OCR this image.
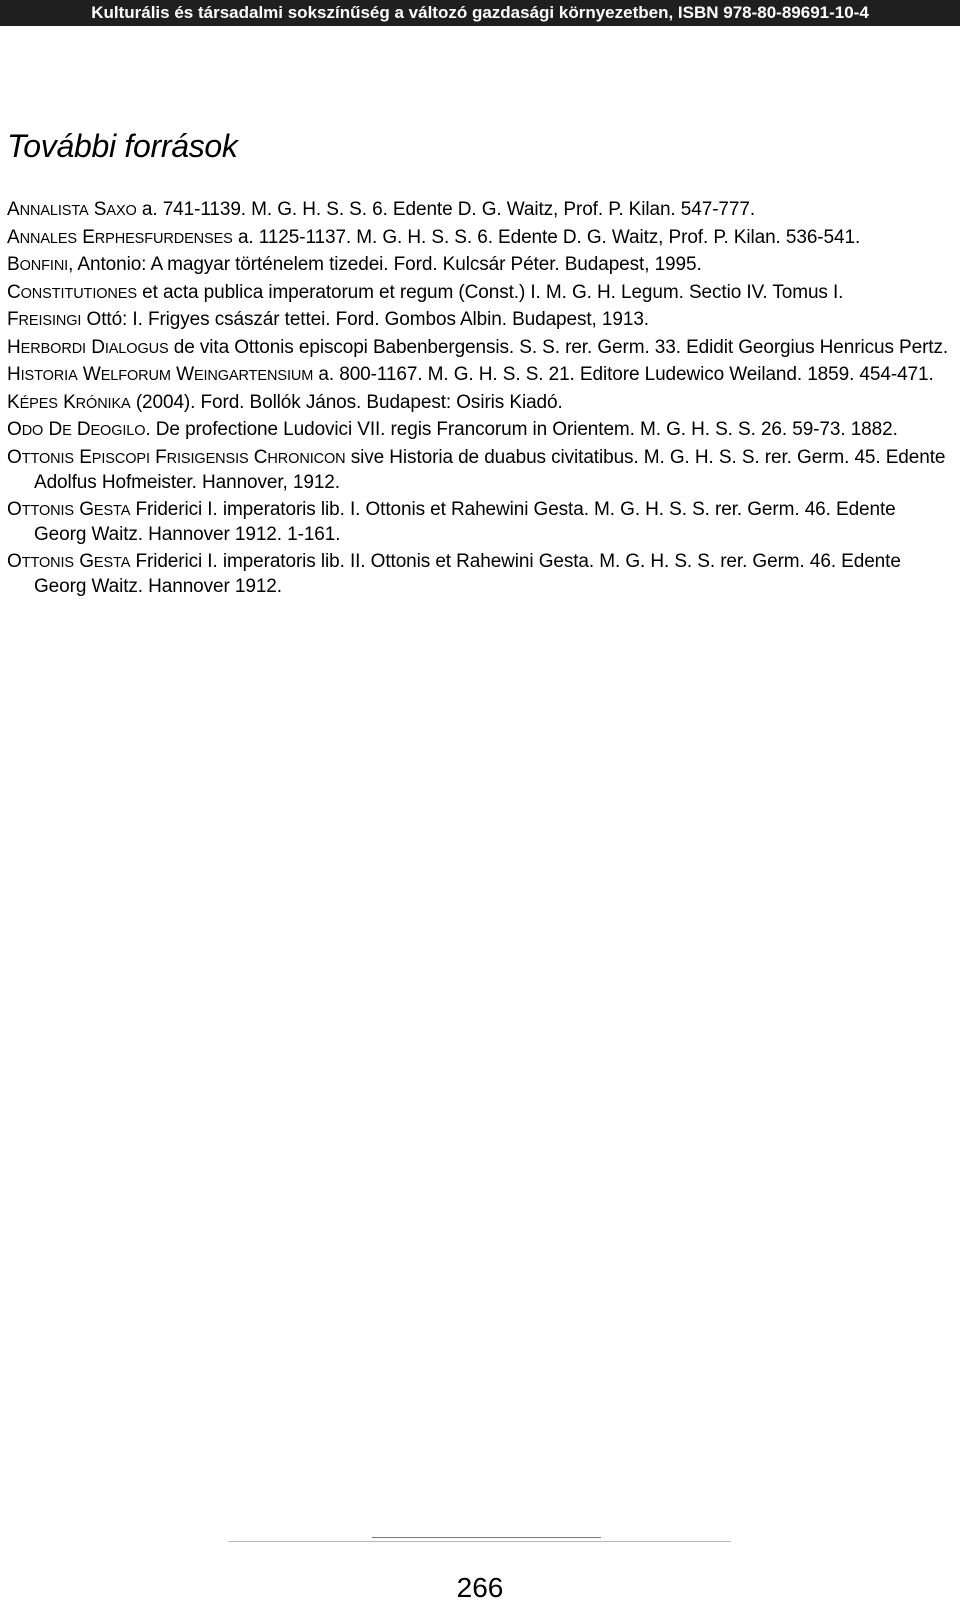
Kulturális és társadalmi sokszínűség a változó gazdasági környezetben, ISBN 978-80-89691-10-4
További források
ANNALISTA SAXO a. 741-1139. M. G. H. S. S. 6. Edente D. G. Waitz, Prof. P. Kilan. 547-777.
ANNALES ERPHESFURDENSES a. 1125-1137. M. G. H. S. S. 6. Edente D. G. Waitz, Prof. P. Kilan. 536-541.
BONFINI, Antonio: A magyar történelem tizedei. Ford. Kulcsár Péter. Budapest, 1995.
CONSTITUTIONES et acta publica imperatorum et regum (Const.) I. M. G. H. Legum. Sectio IV. Tomus I.
FREISINGI Ottó: I. Frigyes császár tettei. Ford. Gombos Albin. Budapest, 1913.
HERBORDI DIALOGUS de vita Ottonis episcopi Babenbergensis. S. S. rer. Germ. 33. Edidit Georgius Henricus Pertz.
HISTORIA WELFORUM WEINGARTENSIUM a. 800-1167. M. G. H. S. S. 21. Editore Ludewico Weiland. 1859. 454-471.
KÉPES KRÓNIKA (2004). Ford. Bollók János. Budapest: Osiris Kiadó.
ODO DE DEOGILO. De profectione Ludovici VII. regis Francorum in Orientem. M. G. H. S. S. 26. 59-73. 1882.
OTTONIS EPISCOPI FRISIGENSIS CHRONICON sive Historia de duabus civitatibus. M. G. H. S. S. rer. Germ. 45. Edente Adolfus Hofmeister. Hannover, 1912.
OTTONIS GESTA Friderici I. imperatoris lib. I. Ottonis et Rahewini Gesta. M. G. H. S. S. rer. Germ. 46. Edente Georg Waitz. Hannover 1912. 1-161.
OTTONIS GESTA Friderici I. imperatoris lib. II. Ottonis et Rahewini Gesta. M. G. H. S. S. rer. Germ. 46. Edente Georg Waitz. Hannover 1912.
266
